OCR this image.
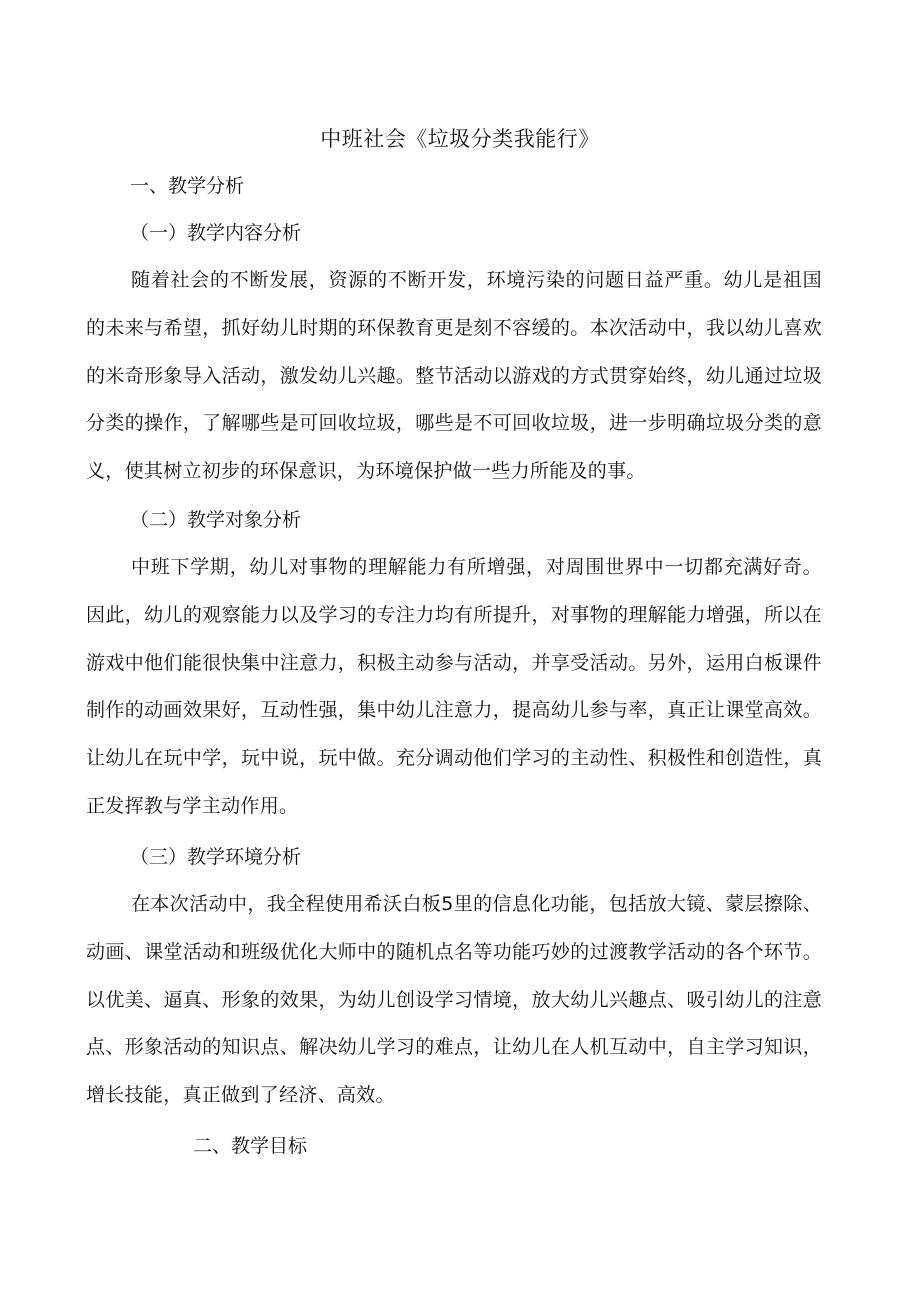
中班社会《垃圾分类我能行》
一、教学分析
（一）教学内容分析
随着社会的不断发展，资源的不断开发，环境污染的问题日益严重。幼儿是祖国的未来与希望，抓好幼儿时期的环保教育更是刻不容缓的。本次活动中，我以幼儿喜欢的米奇形象导入活动，激发幼儿兴趣。整节活动以游戏的方式贯穿始终，幼儿通过垃圾分类的操作，了解哪些是可回收垃圾，哪些是不可回收垃圾，进一步明确垃圾分类的意义，使其树立初步的环保意识，为环境保护做一些力所能及的事。
（二）教学对象分析
中班下学期，幼儿对事物的理解能力有所增强，对周围世界中一切都充满好奇。因此，幼儿的观察能力以及学习的专注力均有所提升，对事物的理解能力增强，所以在游戏中他们能很快集中注意力，积极主动参与活动，并享受活动。另外，运用白板课件制作的动画效果好，互动性强，集中幼儿注意力，提高幼儿参与率，真正让课堂高效。让幼儿在玩中学，玩中说，玩中做。充分调动他们学习的主动性、积极性和创造性，真正发挥教与学主动作用。
（三）教学环境分析
在本次活动中，我全程使用希沃白板5里的信息化功能，包括放大镜、蒙层擦除、动画、课堂活动和班级优化大师中的随机点名等功能巧妙的过渡教学活动的各个环节。以优美、逼真、形象的效果，为幼儿创设学习情境，放大幼儿兴趣点、吸引幼儿的注意点、形象活动的知识点、解决幼儿学习的难点，让幼儿在人机互动中，自主学习知识，增长技能，真正做到了经济、高效。
二、教学目标
